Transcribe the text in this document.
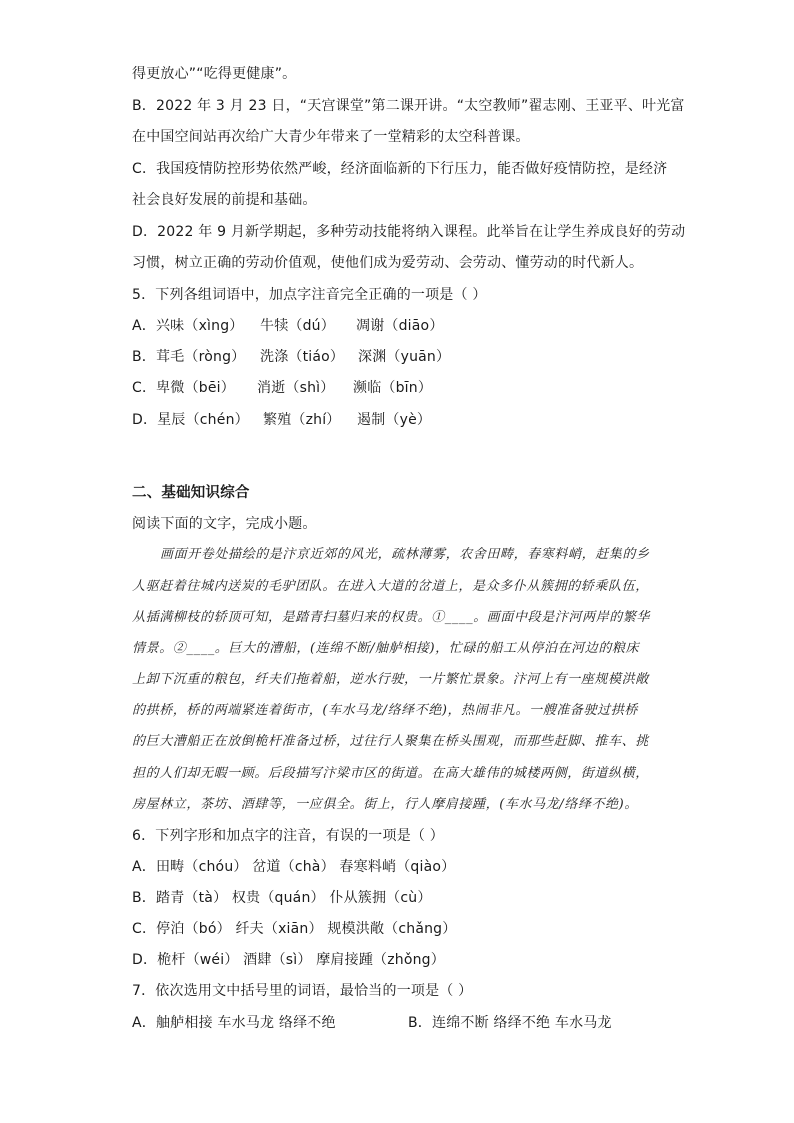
得更放心”“吃得更健康”。
B．2022 年 3 月 23 日，“天宫课堂”第二课开讲。“太空教师”翟志刚、王亚平、叶光富
在中国空间站再次给广大青少年带来了一堂精彩的太空科普课。
C．我国疫情防控形势依然严峻，经济面临新的下行压力，能否做好疫情防控，是经济
社会良好发展的前提和基础。
D．2022 年 9 月新学期起，多种劳动技能将纳入课程。此举旨在让学生养成良好的劳动
习惯，树立正确的劳动价值观，使他们成为爱劳动、会劳动、懂劳动的时代新人。
5．下列各组词语中，加点字注音完全正确的一项是（ ）
A．兴味（xìng） 牛犊（dú） 凋谢（diāo）
B．茸毛（ròng） 洗涤（tiáo） 深渊（yuān）
C．卑微（bēi） 消逝（shì） 濒临（bīn）
D．星辰（chén） 繁殖（zhí） 遏制（yè）
二、基础知识综合
阅读下面的文字，完成小题。
画面开卷处描绘的是汴京近郊的风光，疏林薄雾，农舍田畴，春寒料峭，赶集的乡
人驱赶着往城内送炭的毛驴团队。在进入大道的岔道上，是众多仆从簇拥的轿乘队伍，
从插满柳枝的轿顶可知，是踏青扫墓归来的权贵。①____。画面中段是汴河两岸的繁华
情景。②____。巨大的漕船，(连绵不断/舳舻相接)，忙碌的船工从停泊在河边的粮床
上卸下沉重的粮包，纤夫们拖着船，逆水行驶，一片繁忙景象。汴河上有一座规模洪敞
的拱桥，桥的两端紧连着街市，(车水马龙/络绎不绝)，热闹非凡。一艘准备驶过拱桥
的巨大漕船正在放倒桅杆准备过桥，过往行人聚集在桥头围观，而那些赶脚、推车、挑
担的人们却无暇一顾。后段描写汴梁市区的街道。在高大雄伟的城楼两侧，街道纵横，
房屋林立，茶坊、酒肆等，一应俱全。街上，行人摩肩接踵，(车水马龙/络绎不绝)。
6．下列字形和加点字的注音，有误的一项是（ ）
A．田畴（chóu） 岔道（chà） 春寒料峭（qiào）
B．踏青（tà） 权贵（quán） 仆从簇拥（cù）
C．停泊（bó） 纤夫（xiān） 规模洪敞（chǎng）
D．桅杆（wéi） 酒肆（sì） 摩肩接踵（zhǒng）
7．依次选用文中括号里的词语，最恰当的一项是（ ）
A．舳舻相接 车水马龙 络绎不绝	B．连绵不断 络绎不绝 车水马龙
